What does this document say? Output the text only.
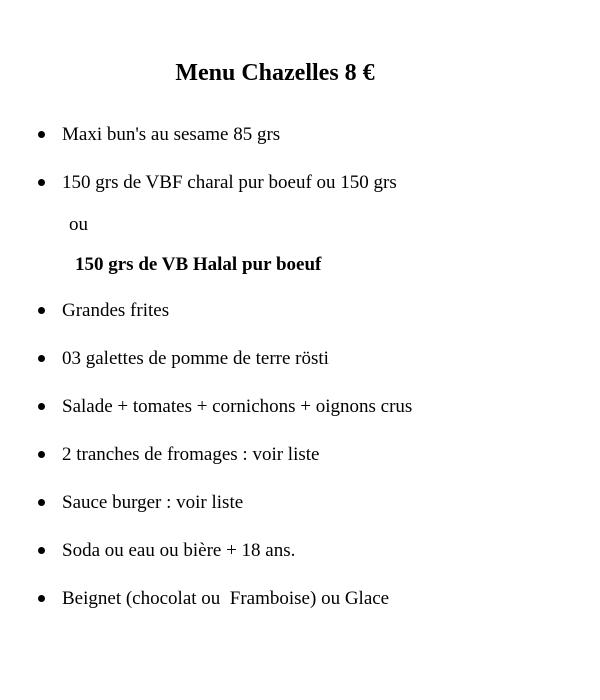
Menu Chazelles 8 €
Maxi bun's au sesame 85 grs
150 grs de VBF charal pur boeuf ou 150 grs
ou
150 grs de VB Halal pur boeuf
Grandes frites
03 galettes de pomme de terre rösti
Salade + tomates + cornichons + oignons crus
2 tranches de fromages : voir liste
Sauce burger : voir liste
Soda ou eau ou bière + 18 ans.
Beignet (chocolat ou  Framboise) ou Glace
